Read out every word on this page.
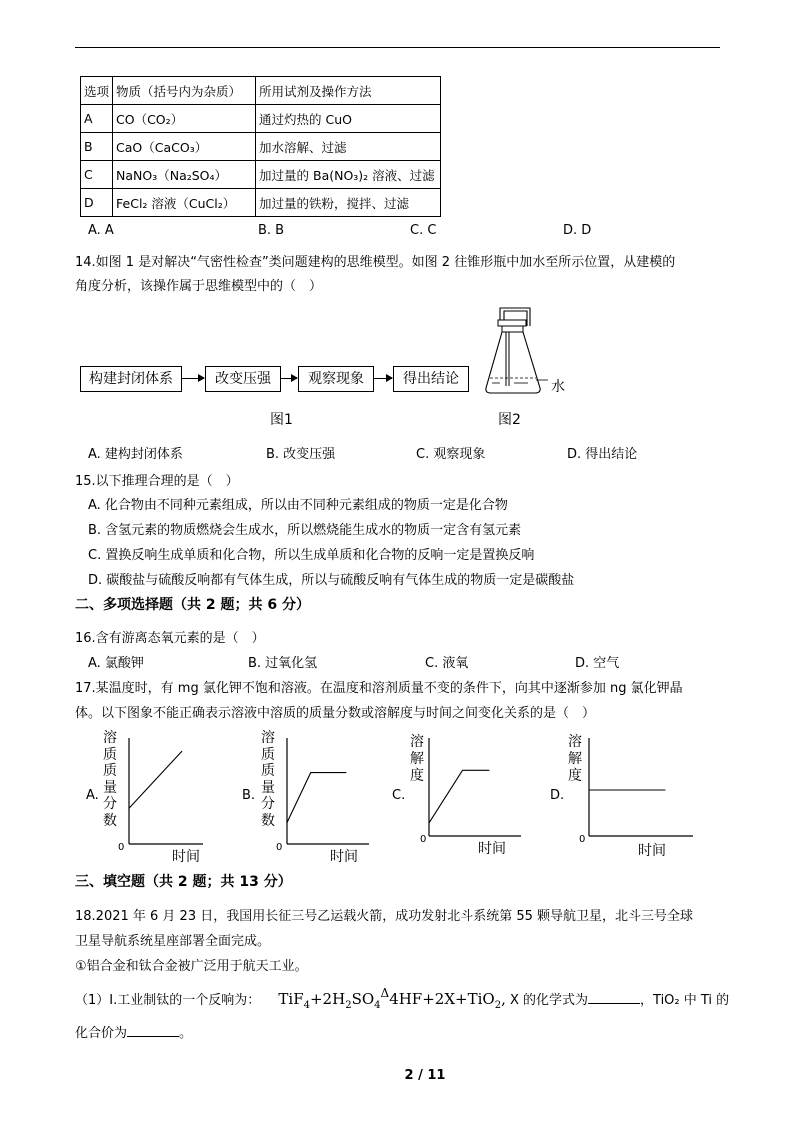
选项	物质（括号内为杂质）	所用试剂及操作方法
A	CO（CO₂）	通过灼热的 CuO
B	CaO（CaCO₃）	加水溶解、过滤
C	NaNO₃（Na₂SO₄）	加过量的 Ba(NO₃)₂ 溶液、过滤
D	FeCl₂ 溶液（CuCl₂）	加过量的铁粉，搅拌、过滤
A. A	B. B	C. C	D. D
14.如图 1 是对解决“气密性检查”类问题建构的思维模型。如图 2 往锥形瓶中加水至所示位置，从建模的
角度分析，该操作属于思维模型中的（　）
构建封闭体系	改变压强	观察现象	得出结论
图1
水
图2
A. 建构封闭体系	B. 改变压强	C. 观察现象	D. 得出结论
15.以下推理合理的是（　）
A. 化合物由不同种元素组成，所以由不同种元素组成的物质一定是化合物
B. 含氢元素的物质燃烧会生成水，所以燃烧能生成水的物质一定含有氢元素
C. 置换反响生成单质和化合物，所以生成单质和化合物的反响一定是置换反响
D. 碳酸盐与硫酸反响都有气体生成，所以与硫酸反响有气体生成的物质一定是碳酸盐
二、多项选择题（共 2 题；共 6 分）
16.含有游离态氧元素的是（　）
A. 氯酸钾	B. 过氧化氢	C. 液氧	D. 空气
17.某温度时，有 mg 氯化钾不饱和溶液。在温度和溶剂质量不变的条件下，向其中逐渐参加 ng 氯化钾晶
体。以下图象不能正确表示溶液中溶质的质量分数或溶解度与时间之间变化关系的是（　）
A.
溶
质
质
量
分
数
0
时间
B.
溶
质
质
量
分
数
0
时间
C.
溶
解
度
0
时间
D.
溶
解
度
0
时间
三、填空题（共 2 题；共 13 分）
18.2021 年 6 月 23 日，我国用长征三号乙运载火箭，成功发射北斗系统第 55 颗导航卫星，北斗三号全球
卫星导航系统星座部署全面完成。
①铝合金和钛合金被广泛用于航天工业。
（1）I.工业制钛的一个反响为： $TiF_4+2H_2SO_4^\Delta 4HF+2X+TiO_2$, X 的化学式为	，TiO₂ 中 Ti 的
化合价为	。
2 / 11
